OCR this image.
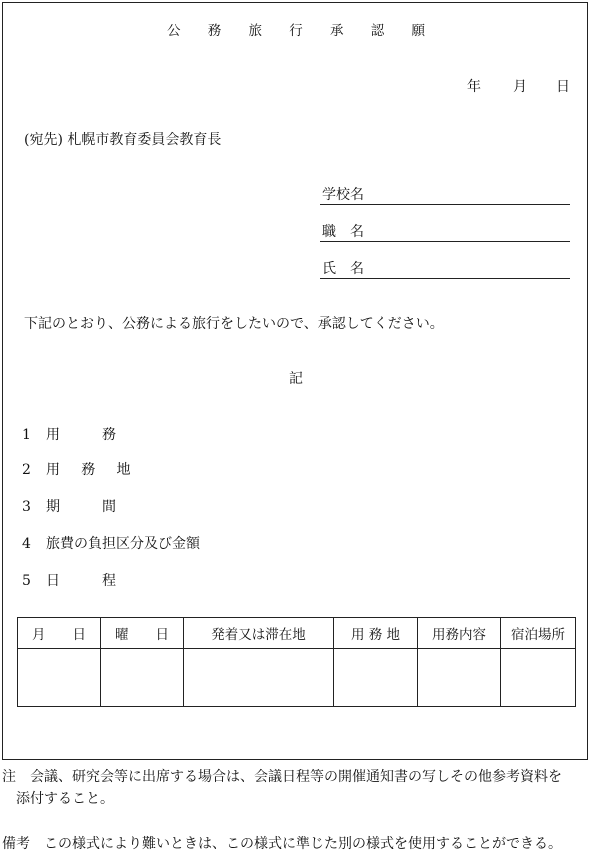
公 務 旅 行 承 認 願
年 月 日
(宛先) 札幌市教育委員会教育長
学校名
職　名
氏　名
下記のとおり、公務による旅行をしたいので、承認してください。
記
1 用　　　務
2 用 務 地
3 期　　　間
4 旅費の負担区分及び金額
5 日　　　程
月　　日	曜　　日	発着又は滞在地	用 務 地	用務内容	宿泊場所

注　会議、研究会等に出席する場合は、会議日程等の開催通知書の写しその他参考資料を
　添付すること。
備考　この様式により難いときは、この様式に準じた別の様式を使用することができる。
